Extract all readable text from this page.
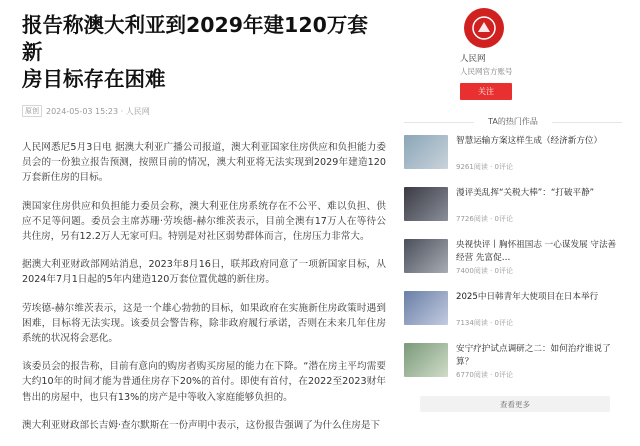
报告称澳大利亚到2029年建120万套新
房目标存在困难
原创 2024-05-03 15:23 · 人民网

人民网悉尼5月3日电 据澳大利亚广播公司报道，澳大利亚国家住房供应和负担能力委员会的一份独立报告预测，按照目前的情况，澳大利亚将无法实现到2029年建造120万套新住房的目标。

澳国家住房供应和负担能力委员会称，澳大利亚住房系统存在不公平、难以负担、供应不足等问题。委员会主席苏珊·劳埃德-赫尔维茨表示，目前全澳有17万人在等待公共住房，另有12.2万人无家可归。特别是对社区弱势群体而言，住房压力非常大。

据澳大利亚财政部网站消息，2023年8月16日，联邦政府同意了一项新国家目标，从2024年7月1日起的5年内建造120万套位置优越的新住房。

劳埃德-赫尔维茨表示，这是一个雄心勃勃的目标，如果政府在实施新住房政策时遇到困难，目标将无法实现。该委员会警告称，除非政府履行承诺，否则在未来几年住房系统的状况将会恶化。

该委员会的报告称，目前有意向的购房者购买房屋的能力在下降。“潜在房主平均需要大约10年的时间才能为普通住房存下20%的首付。即使有首付，在2022至2023财年售出的房屋中，也只有13%的房产是中等收入家庭能够负担的。

澳大利亚财政部长吉姆·查尔默斯在一份声明中表示，这份报告强调了为什么住房是下

人民网
人民网官方账号
关注
TA的热门作品
智慧运输方案这样生成（经济新方位）
9261阅读 · 0评论
漫评美乱挥“关税大棒”：“打破平静”
7726阅读 · 0评论
央视快评丨胸怀祖国志 一心谋发展 守法善经营 先富促…
7400阅读 · 0评论
2025中日韩青年大使项目在日本举行
7134阅读 · 0评论
安宁疗护试点调研之二：如何治疗谁说了算？
6770阅读 · 0评论
查看更多
